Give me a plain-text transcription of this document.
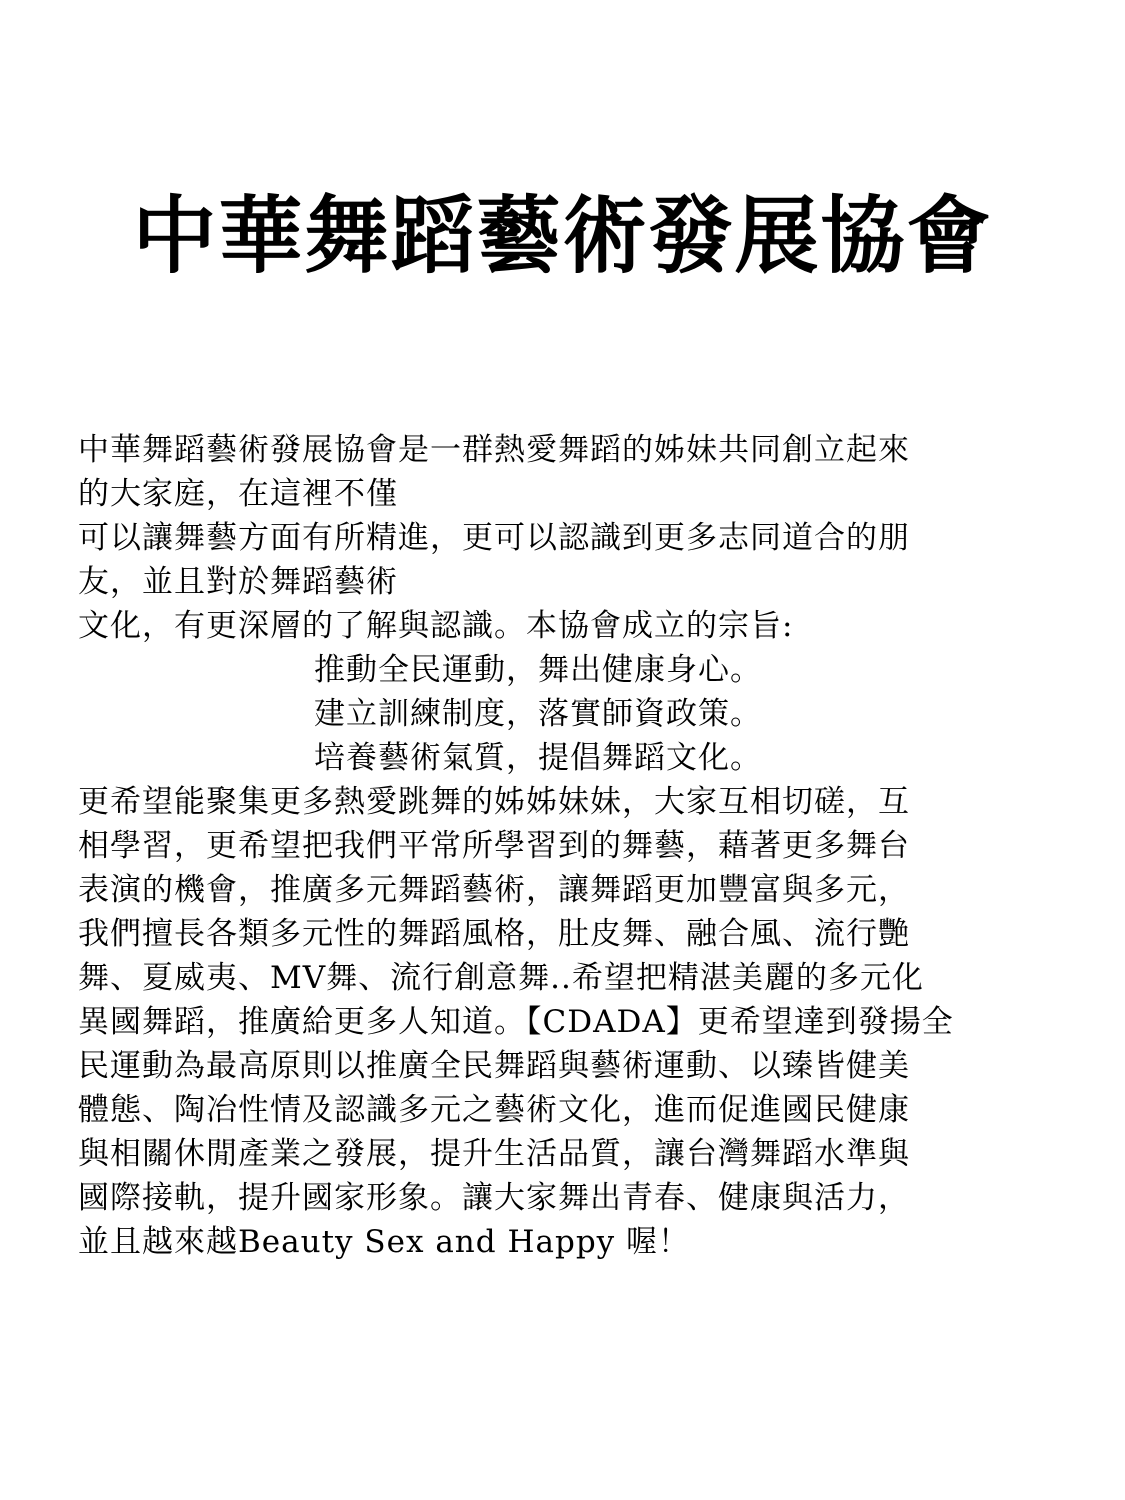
中華舞蹈藝術發展協會
中華舞蹈藝術發展協會是一群熱愛舞蹈的姊妹共同創立起來
的大家庭，在這裡不僅
可以讓舞藝方面有所精進，更可以認識到更多志同道合的朋
友，並且對於舞蹈藝術
文化，有更深層的了解與認識。本協會成立的宗旨:
推動全民運動，舞出健康身心。
建立訓練制度，落實師資政策。
培養藝術氣質，提倡舞蹈文化。
更希望能聚集更多熱愛跳舞的姊姊妹妹，大家互相切磋，互
相學習，更希望把我們平常所學習到的舞藝，藉著更多舞台
表演的機會，推廣多元舞蹈藝術，讓舞蹈更加豐富與多元，
我們擅長各類多元性的舞蹈風格，肚皮舞、融合風、流行艷
舞、夏威夷、MV舞、流行創意舞..希望把精湛美麗的多元化
異國舞蹈，推廣給更多人知道。【CDADA】更希望達到發揚全
民運動為最高原則以推廣全民舞蹈與藝術運動、以臻皆健美
體態、陶冶性情及認識多元之藝術文化，進而促進國民健康
與相關休閒產業之發展，提升生活品質，讓台灣舞蹈水準與
國際接軌，提升國家形象。讓大家舞出青春、健康與活力，
並且越來越Beauty Sex and Happy 喔！
